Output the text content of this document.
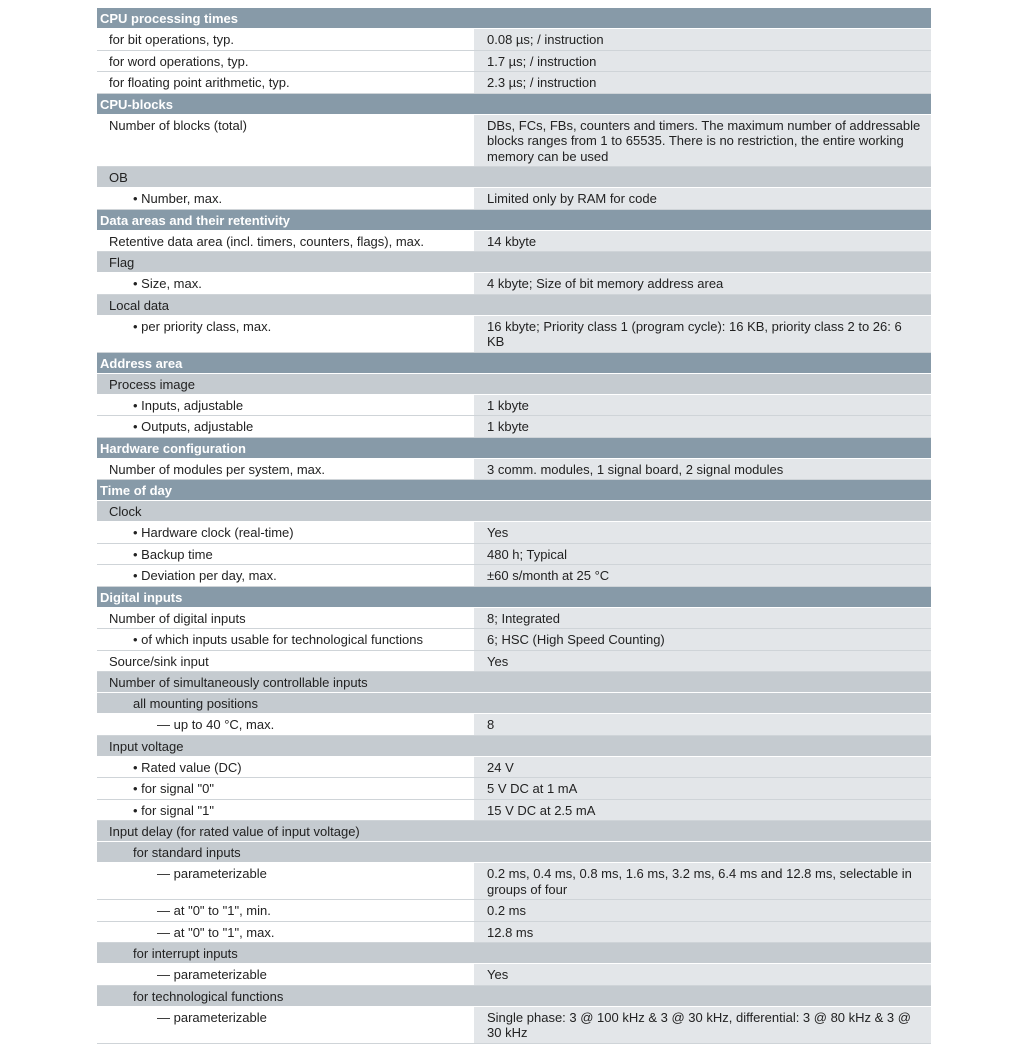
CPU processing times
for bit operations, typ.	0.08 µs; / instruction
for word operations, typ.	1.7 µs; / instruction
for floating point arithmetic, typ.	2.3 µs; / instruction
CPU-blocks
Number of blocks (total)	DBs, FCs, FBs, counters and timers. The maximum number of addressable blocks ranges from 1 to 65535. There is no restriction, the entire working memory can be used
OB
• Number, max.	Limited only by RAM for code
Data areas and their retentivity
Retentive data area (incl. timers, counters, flags), max.	14 kbyte
Flag
• Size, max.	4 kbyte; Size of bit memory address area
Local data
• per priority class, max.	16 kbyte; Priority class 1 (program cycle): 16 KB, priority class 2 to 26: 6 KB
Address area
Process image
• Inputs, adjustable	1 kbyte
• Outputs, adjustable	1 kbyte
Hardware configuration
Number of modules per system, max.	3 comm. modules, 1 signal board, 2 signal modules
Time of day
Clock
• Hardware clock (real-time)	Yes
• Backup time	480 h; Typical
• Deviation per day, max.	±60 s/month at 25 °C
Digital inputs
Number of digital inputs	8; Integrated
• of which inputs usable for technological functions	6; HSC (High Speed Counting)
Source/sink input	Yes
Number of simultaneously controllable inputs
all mounting positions
— up to 40 °C, max.	8
Input voltage
• Rated value (DC)	24 V
• for signal "0"	5 V DC at 1 mA
• for signal "1"	15 V DC at 2.5 mA
Input delay (for rated value of input voltage)
for standard inputs
— parameterizable	0.2 ms, 0.4 ms, 0.8 ms, 1.6 ms, 3.2 ms, 6.4 ms and 12.8 ms, selectable in groups of four
— at "0" to "1", min.	0.2 ms
— at "0" to "1", max.	12.8 ms
for interrupt inputs
— parameterizable	Yes
for technological functions
— parameterizable	Single phase: 3 @ 100 kHz & 3 @ 30 kHz, differential: 3 @ 80 kHz & 3 @ 30 kHz
